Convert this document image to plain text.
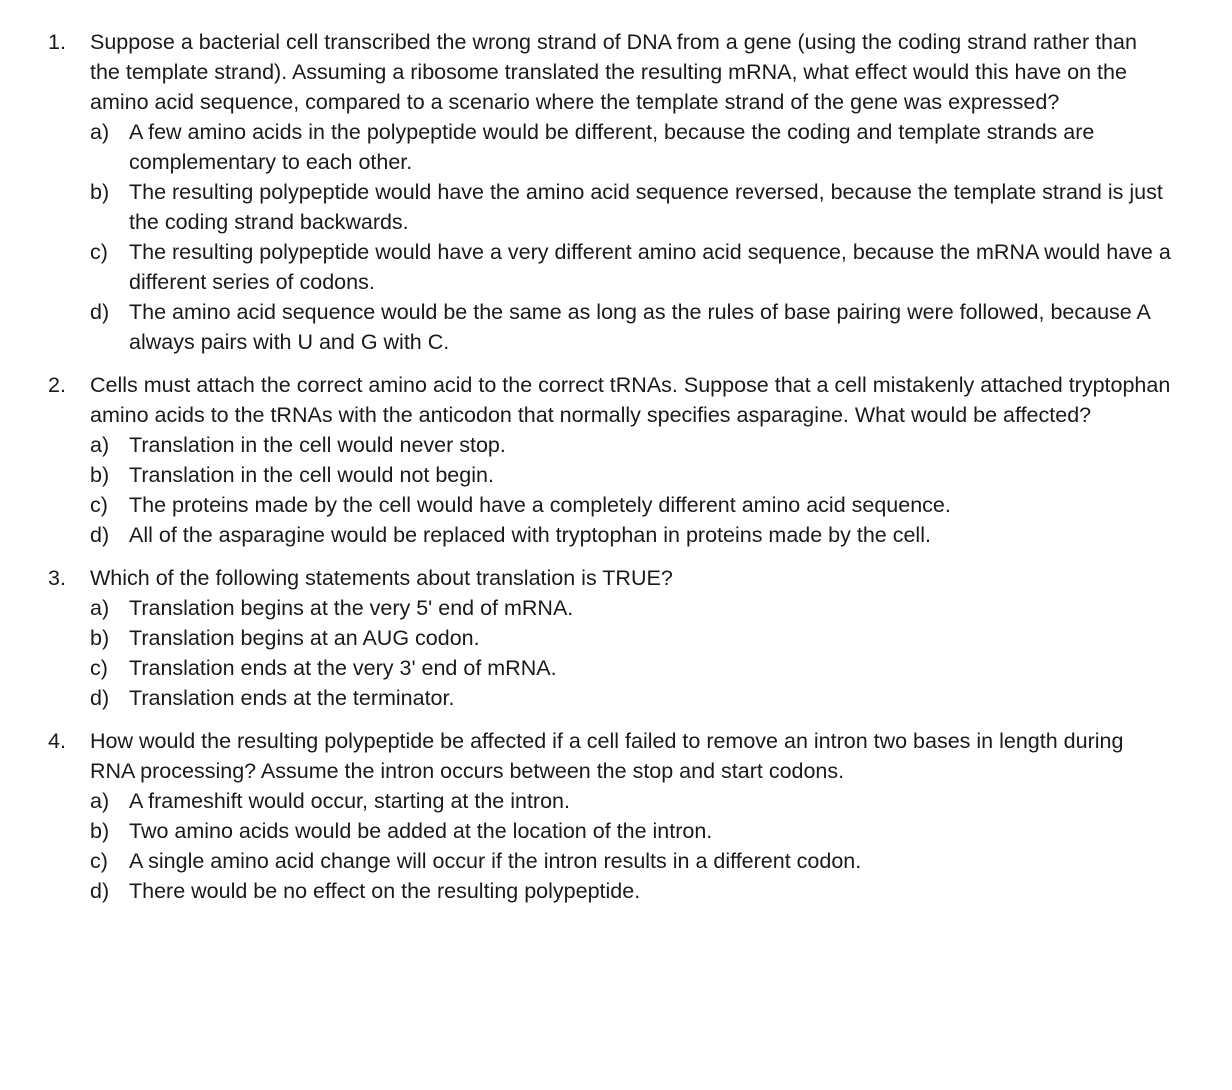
1. Suppose a bacterial cell transcribed the wrong strand of DNA from a gene (using the coding strand rather than the template strand). Assuming a ribosome translated the resulting mRNA, what effect would this have on the amino acid sequence, compared to a scenario where the template strand of the gene was expressed?
a) A few amino acids in the polypeptide would be different, because the coding and template strands are complementary to each other.
b) The resulting polypeptide would have the amino acid sequence reversed, because the template strand is just the coding strand backwards.
c) The resulting polypeptide would have a very different amino acid sequence, because the mRNA would have a different series of codons.
d) The amino acid sequence would be the same as long as the rules of base pairing were followed, because A always pairs with U and G with C.
2. Cells must attach the correct amino acid to the correct tRNAs. Suppose that a cell mistakenly attached tryptophan amino acids to the tRNAs with the anticodon that normally specifies asparagine. What would be affected?
a) Translation in the cell would never stop.
b) Translation in the cell would not begin.
c) The proteins made by the cell would have a completely different amino acid sequence.
d) All of the asparagine would be replaced with tryptophan in proteins made by the cell.
3. Which of the following statements about translation is TRUE?
a) Translation begins at the very 5' end of mRNA.
b) Translation begins at an AUG codon.
c) Translation ends at the very 3' end of mRNA.
d) Translation ends at the terminator.
4. How would the resulting polypeptide be affected if a cell failed to remove an intron two bases in length during RNA processing? Assume the intron occurs between the stop and start codons.
a) A frameshift would occur, starting at the intron.
b) Two amino acids would be added at the location of the intron.
c) A single amino acid change will occur if the intron results in a different codon.
d) There would be no effect on the resulting polypeptide.
